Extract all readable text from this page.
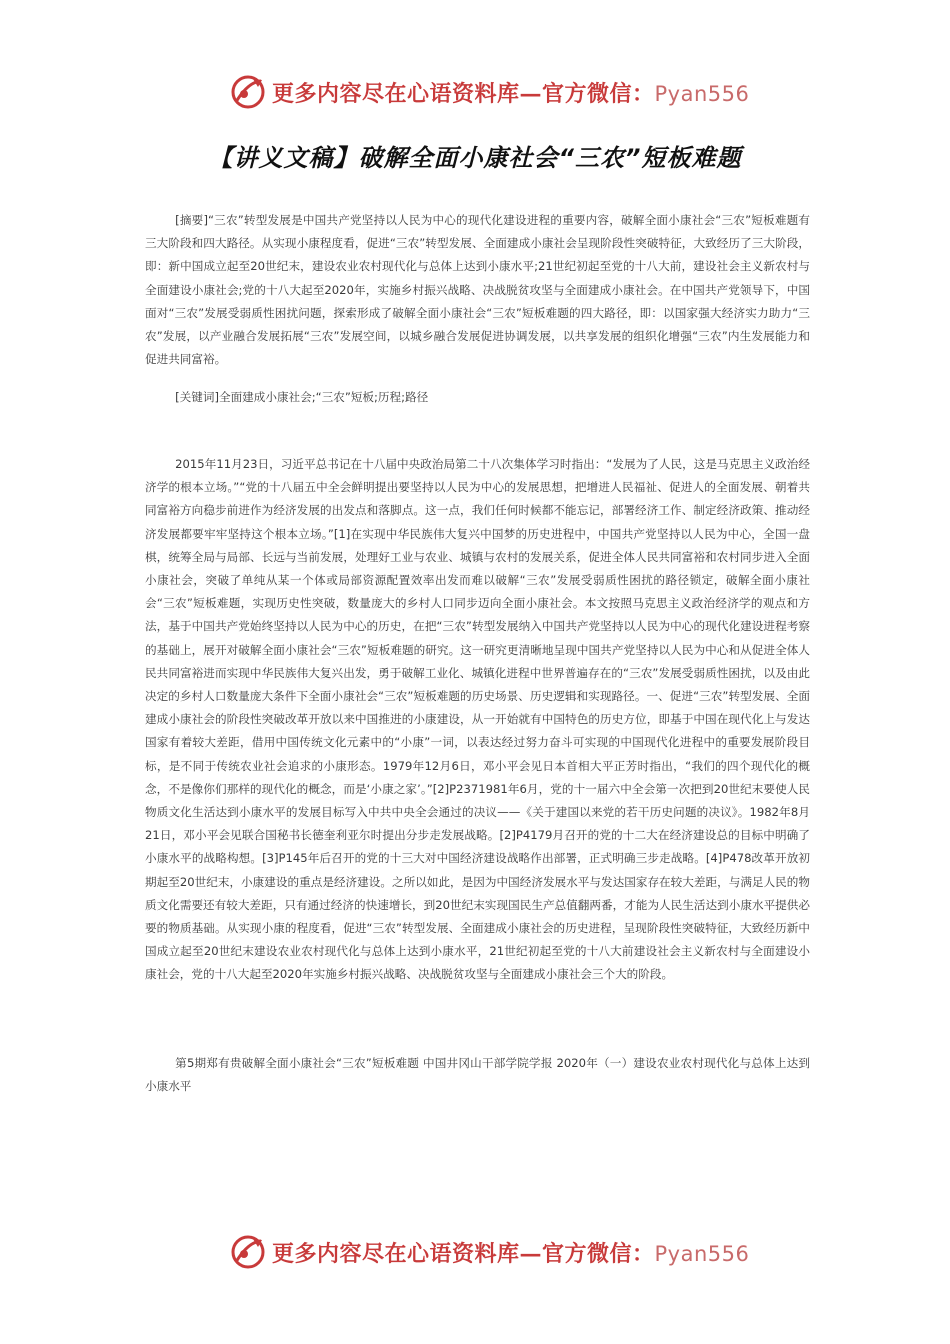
更多内容尽在心语资料库—官方微信：Pyan556
【讲义文稿】破解全面小康社会“三农”短板难题
[摘要]“三农”转型发展是中国共产党坚持以人民为中心的现代化建设进程的重要内容，破解全面小康社会“三农”短板难题有三大阶段和四大路径。从实现小康程度看，促进“三农”转型发展、全面建成小康社会呈现阶段性突破特征，大致经历了三大阶段，即：新中国成立起至20世纪末，建设农业农村现代化与总体上达到小康水平;21世纪初起至党的十八大前，建设社会主义新农村与全面建设小康社会;党的十八大起至2020年，实施乡村振兴战略、决战脱贫攻坚与全面建成小康社会。在中国共产党领导下，中国面对“三农”发展受弱质性困扰问题，探索形成了破解全面小康社会“三农”短板难题的四大路径，即：以国家强大经济实力助力“三农”发展，以产业融合发展拓展“三农”发展空间，以城乡融合发展促进协调发展，以共享发展的组织化增强“三农”内生发展能力和促进共同富裕。
[关键词]全面建成小康社会;“三农”短板;历程;路径
2015年11月23日，习近平总书记在十八届中央政治局第二十八次集体学习时指出：“发展为了人民，这是马克思主义政治经济学的根本立场。”“党的十八届五中全会鲜明提出要坚持以人民为中心的发展思想，把增进人民福祉、促进人的全面发展、朝着共同富裕方向稳步前进作为经济发展的出发点和落脚点。这一点，我们任何时候都不能忘记，部署经济工作、制定经济政策、推动经济发展都要牢牢坚持这个根本立场。”[1]在实现中华民族伟大复兴中国梦的历史进程中，中国共产党坚持以人民为中心，全国一盘棋，统筹全局与局部、长远与当前发展，处理好工业与农业、城镇与农村的发展关系，促进全体人民共同富裕和农村同步进入全面小康社会，突破了单纯从某一个体或局部资源配置效率出发而难以破解“三农”发展受弱质性困扰的路径锁定，破解全面小康社会“三农”短板难题，实现历史性突破，数量庞大的乡村人口同步迈向全面小康社会。本文按照马克思主义政治经济学的观点和方法，基于中国共产党始终坚持以人民为中心的历史，在把“三农”转型发展纳入中国共产党坚持以人民为中心的现代化建设进程考察的基础上，展开对破解全面小康社会“三农”短板难题的研究。这一研究更清晰地呈现中国共产党坚持以人民为中心和从促进全体人民共同富裕进而实现中华民族伟大复兴出发，勇于破解工业化、城镇化进程中世界普遍存在的“三农”发展受弱质性困扰，以及由此决定的乡村人口数量庞大条件下全面小康社会“三农”短板难题的历史场景、历史逻辑和实现路径。一、促进“三农”转型发展、全面建成小康社会的阶段性突破改革开放以来中国推进的小康建设，从一开始就有中国特色的历史方位，即基于中国在现代化上与发达国家有着较大差距，借用中国传统文化元素中的“小康”一词，以表达经过努力奋斗可实现的中国现代化进程中的重要发展阶段目标，是不同于传统农业社会追求的小康形态。1979年12月6日，邓小平会见日本首相大平正芳时指出，“我们的四个现代化的概念，不是像你们那样的现代化的概念，而是‘小康之家’。”[2]P2371981年6月，党的十一届六中全会第一次把到20世纪末要使人民物质文化生活达到小康水平的发展目标写入中共中央全会通过的决议——《关于建国以来党的若干历史问题的决议》。1982年8月21日，邓小平会见联合国秘书长德奎利亚尔时提出分步走发展战略。[2]P4179月召开的党的十二大在经济建设总的目标中明确了小康水平的战略构想。[3]P145年后召开的党的十三大对中国经济建设战略作出部署，正式明确三步走战略。[4]P478改革开放初期起至20世纪末，小康建设的重点是经济建设。之所以如此，是因为中国经济发展水平与发达国家存在较大差距，与满足人民的物质文化需要还有较大差距，只有通过经济的快速增长，到20世纪末实现国民生产总值翻两番，才能为人民生活达到小康水平提供必要的物质基础。从实现小康的程度看，促进“三农”转型发展、全面建成小康社会的历史进程，呈现阶段性突破特征，大致经历新中国成立起至20世纪末建设农业农村现代化与总体上达到小康水平，21世纪初起至党的十八大前建设社会主义新农村与全面建设小康社会，党的十八大起至2020年实施乡村振兴战略、决战脱贫攻坚与全面建成小康社会三个大的阶段。
第5期郑有贵破解全面小康社会“三农”短板难题 中国井冈山干部学院学报 2020年（一）建设农业农村现代化与总体上达到小康水平
更多内容尽在心语资料库—官方微信：Pyan556
